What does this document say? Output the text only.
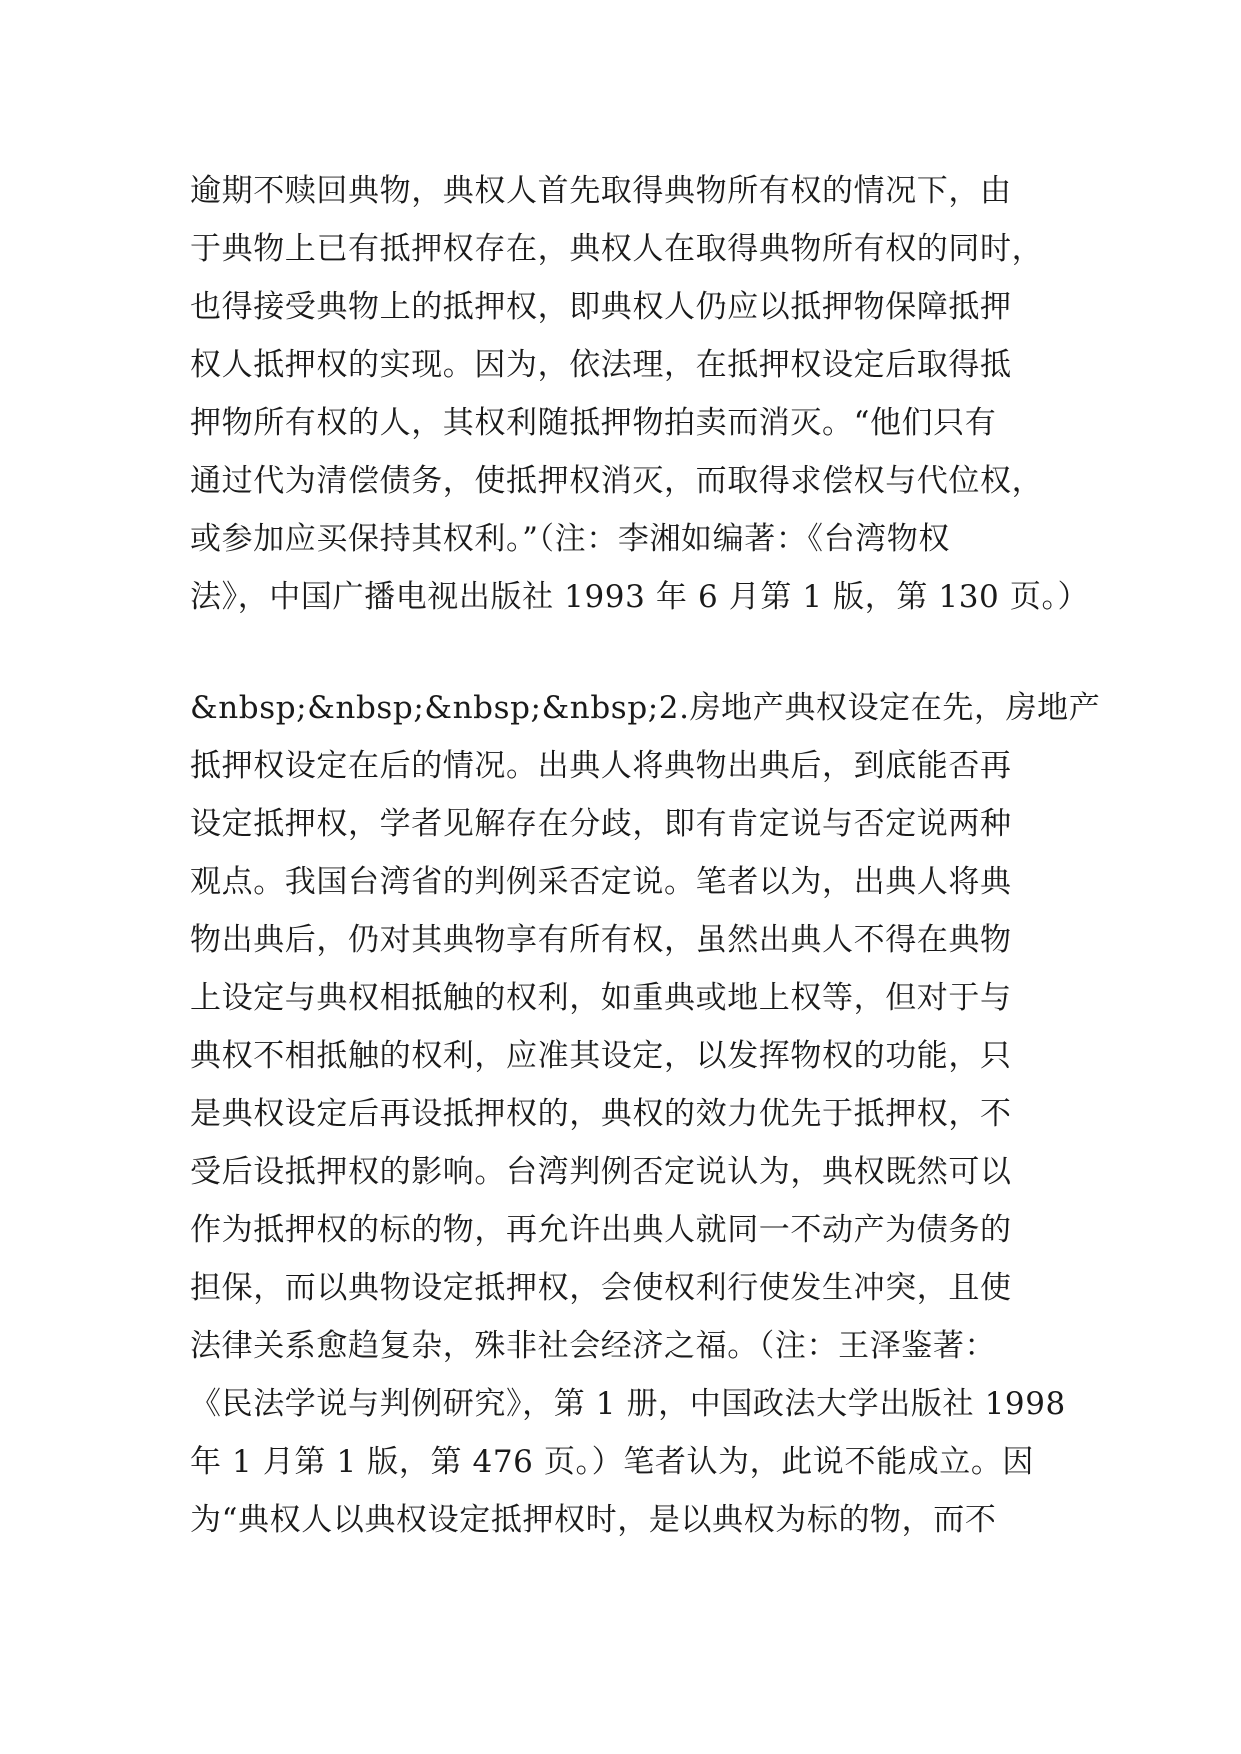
逾期不赎回典物，典权人首先取得典物所有权的情况下，由
于典物上已有抵押权存在，典权人在取得典物所有权的同时，
也得接受典物上的抵押权，即典权人仍应以抵押物保障抵押
权人抵押权的实现。因为，依法理，在抵押权设定后取得抵
押物所有权的人，其权利随抵押物拍卖而消灭。“他们只有
通过代为清偿债务，使抵押权消灭，而取得求偿权与代位权，
或参加应买保持其权利。”（注：李湘如编著：《台湾物权
法》，中国广播电视出版社 1993 年 6 月第 1 版，第 130 页。）
&nbsp;&nbsp;&nbsp;&nbsp;2.房地产典权设定在先，房地产
抵押权设定在后的情况。出典人将典物出典后，到底能否再
设定抵押权，学者见解存在分歧，即有肯定说与否定说两种
观点。我国台湾省的判例采否定说。笔者以为，出典人将典
物出典后，仍对其典物享有所有权，虽然出典人不得在典物
上设定与典权相抵触的权利，如重典或地上权等，但对于与
典权不相抵触的权利，应准其设定，以发挥物权的功能，只
是典权设定后再设抵押权的，典权的效力优先于抵押权，不
受后设抵押权的影响。台湾判例否定说认为，典权既然可以
作为抵押权的标的物，再允许出典人就同一不动产为债务的
担保，而以典物设定抵押权，会使权利行使发生冲突，且使
法律关系愈趋复杂，殊非社会经济之福。（注：王泽鉴著：
《民法学说与判例研究》，第 1 册，中国政法大学出版社 1998
年 1 月第 1 版，第 476 页。）笔者认为，此说不能成立。因
为“典权人以典权设定抵押权时，是以典权为标的物，而不
